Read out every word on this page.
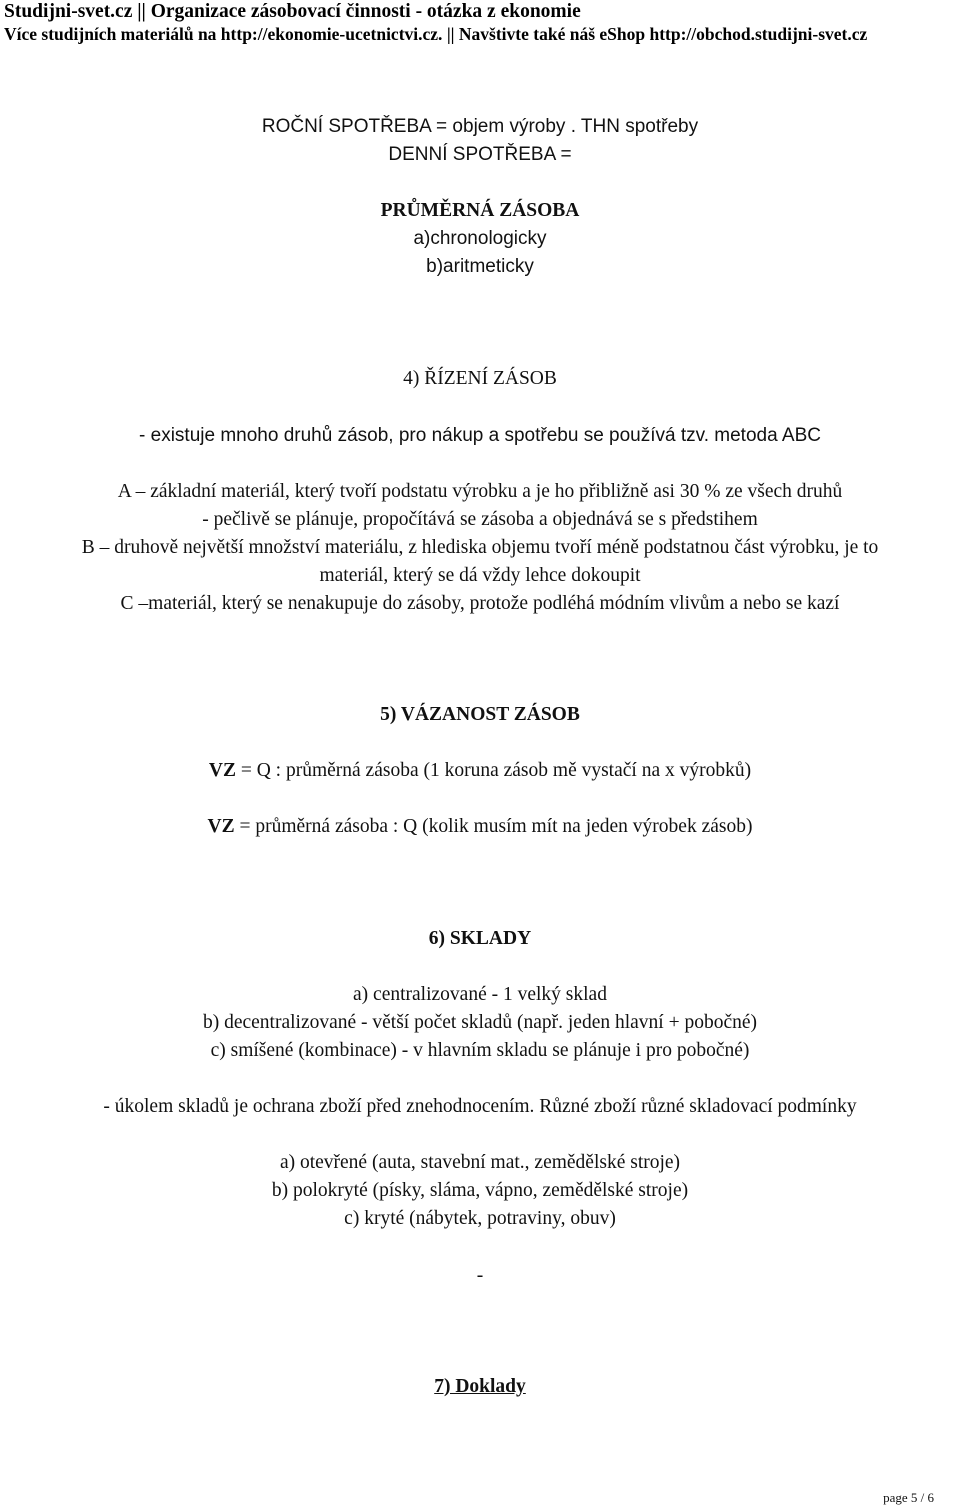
Studijni-svet.cz || Organizace zásobovací činnosti - otázka z ekonomie
Více studijních materiálů na http://ekonomie-ucetnictvi.cz. || Navštivte také náš eShop http://obchod.studijni-svet.cz
ROČNÍ SPOTŘEBA = objem výroby . THN spotřeby
DENNÍ SPOTŘEBA =
PRŮMĚRNÁ ZÁSOBA
a)chronologicky
b)aritmeticky
4) ŘÍZENÍ ZÁSOB
- existuje mnoho druhů zásob, pro nákup a spotřebu se používá tzv. metoda ABC
A – základní materiál, který tvoří podstatu výrobku a je ho přibližně asi 30 % ze všech druhů
- pečlivě se plánuje, propočítává se zásoba a objednává se s předstihem
B – druhově největší množství materiálu, z hlediska objemu tvoří méně podstatnou část výrobku, je to
materiál, který se dá vždy lehce dokoupit
C –materiál, který se nenakupuje do zásoby, protože podléhá módním vlivům a nebo se kazí
5) VÁZANOST ZÁSOB
VZ = Q : průměrná zásoba (1 koruna zásob mě vystačí na x výrobků)
VZ = průměrná zásoba : Q (kolik musím mít na jeden výrobek zásob)
6) SKLADY
a) centralizované - 1 velký sklad
b) decentralizované - větší počet skladů (např. jeden hlavní + pobočné)
c) smíšené (kombinace) - v hlavním skladu se plánuje i pro pobočné)
- úkolem skladů je ochrana zboží před znehodnocením. Různé zboží různé skladovací podmínky
a) otevřené (auta, stavební mat., zemědělské stroje)
b) polokryté (písky, sláma, vápno, zemědělské stroje)
c) kryté (nábytek, potraviny, obuv)
-
7) Doklady
page 5 / 6
